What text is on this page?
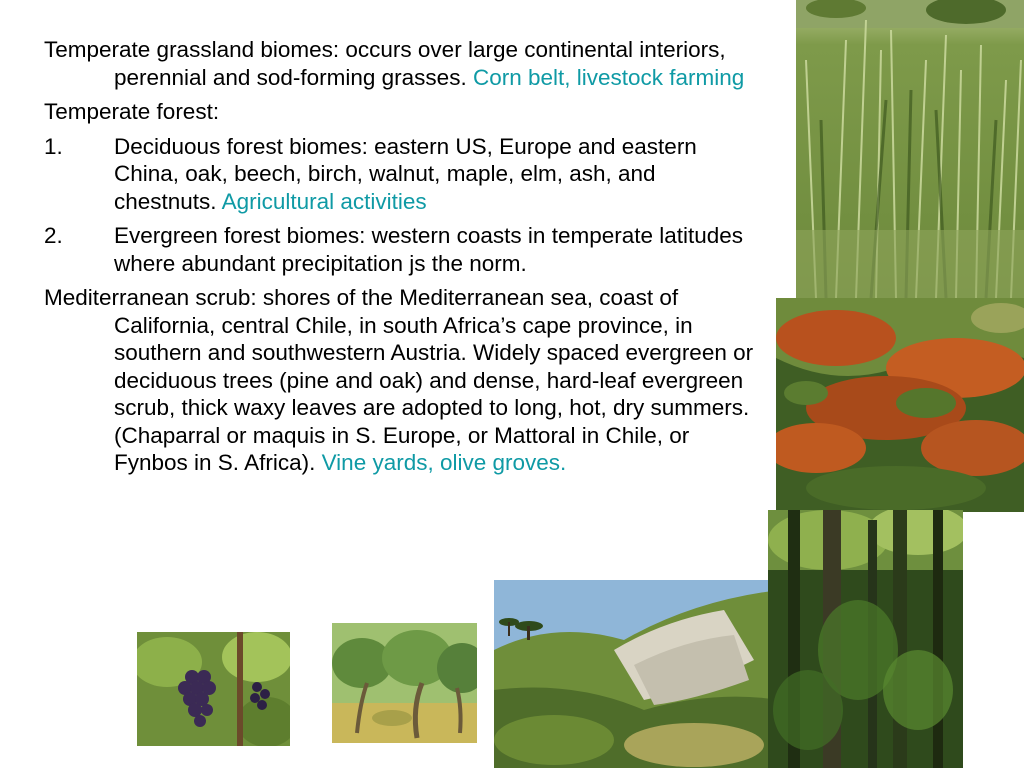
Temperate grassland biomes: occurs over large continental interiors, perennial and sod-forming grasses. Corn belt, livestock farming

Temperate forest:

1. Deciduous forest biomes: eastern US, Europe and eastern China, oak, beech, birch, walnut, maple, elm, ash, and chestnuts. Agricultural activities
2. Evergreen forest biomes: western coasts in temperate latitudes where abundant precipitation js the norm.

Mediterranean scrub: shores of the Mediterranean sea, coast of California, central Chile, in south Africa’s cape province, in southern and southwestern Austria. Widely spaced evergreen or deciduous trees (pine and oak) and dense, hard-leaf evergreen scrub, thick waxy leaves are adopted to long, hot, dry summers. (Chaparral or maquis in S. Europe, or Mattoral in Chile, or Fynbos in S. Africa). Vine yards, olive groves.
